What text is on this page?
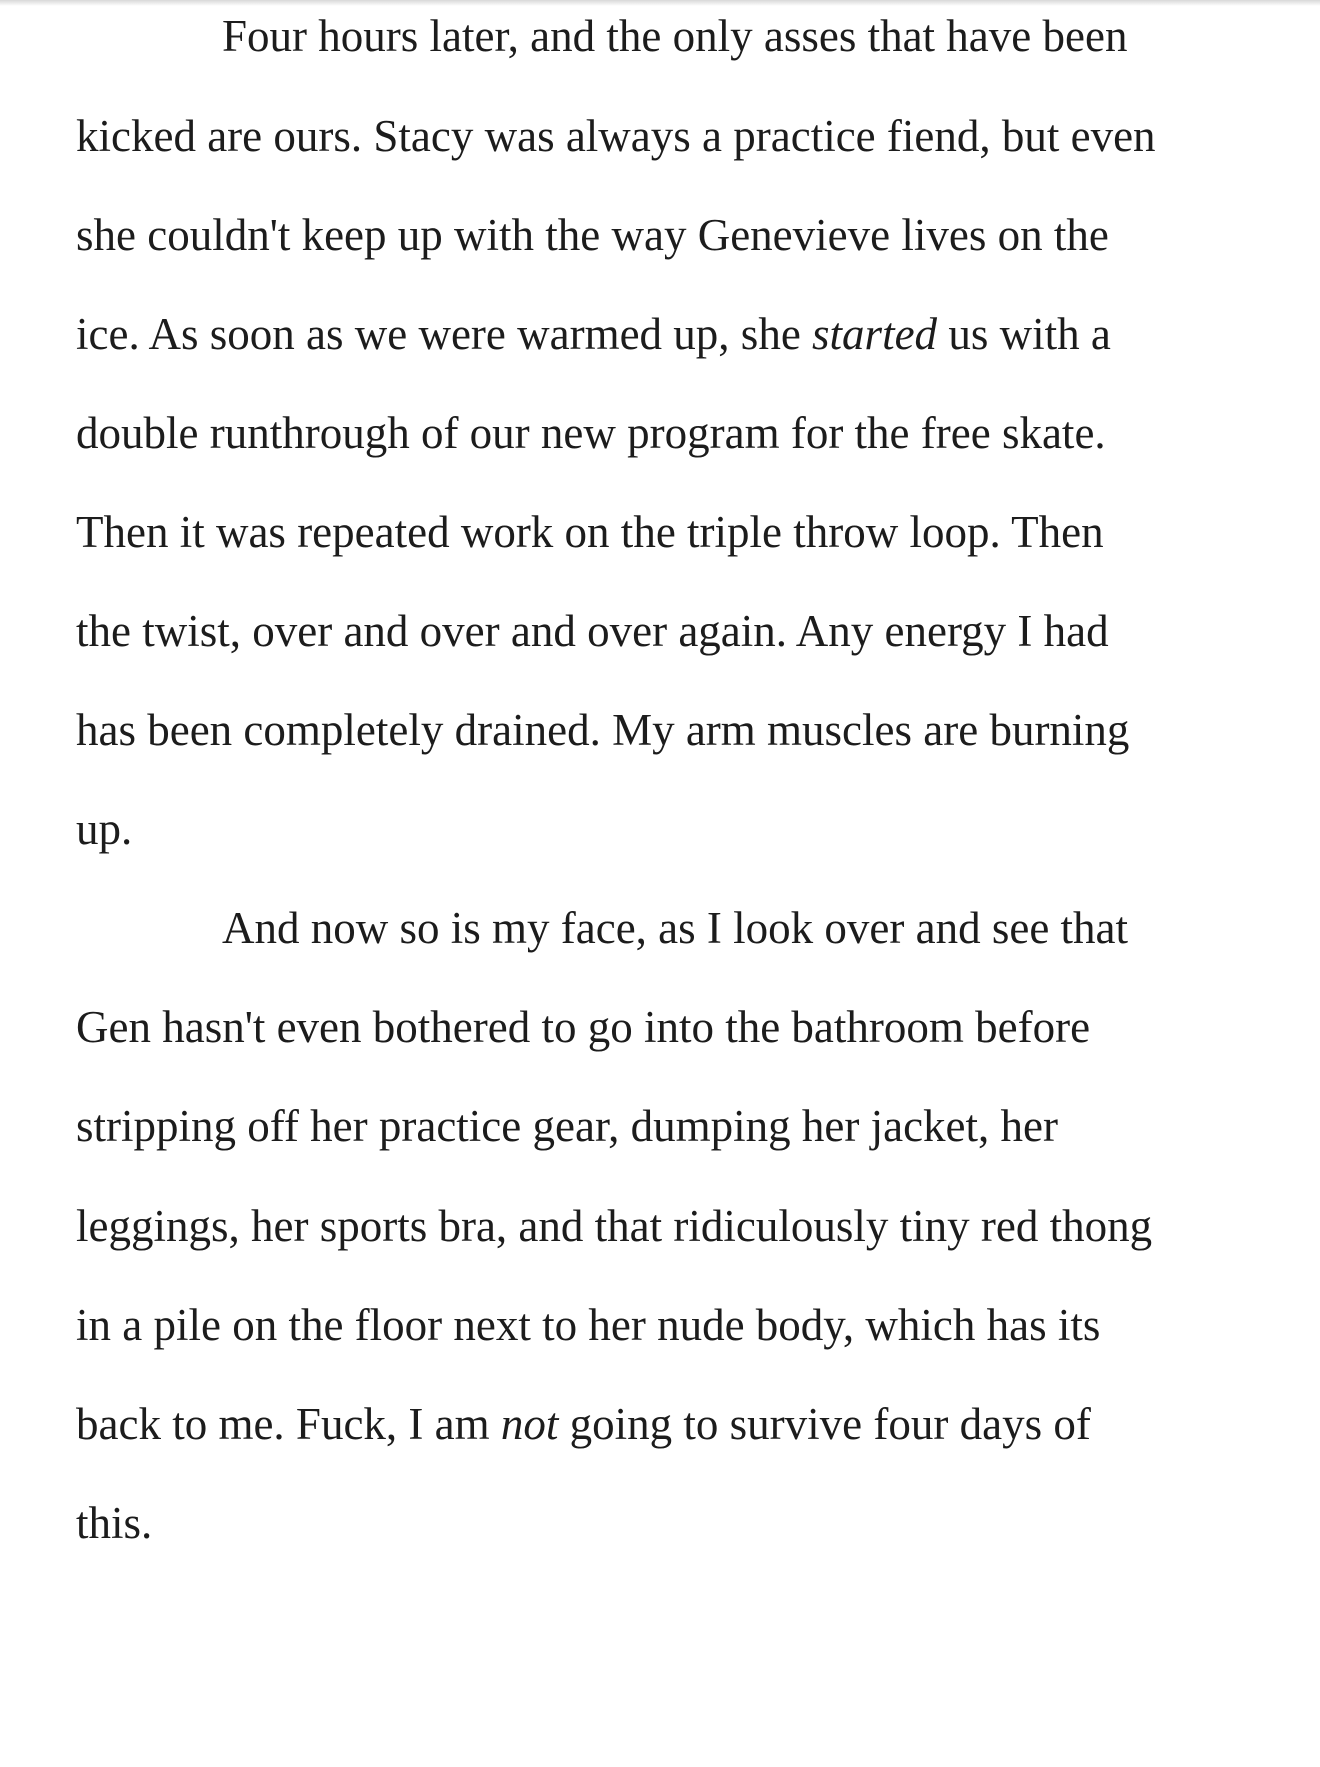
Four hours later, and the only asses that have been

kicked are ours. Stacy was always a practice fiend, but even

she couldn't keep up with the way Genevieve lives on the

ice. As soon as we were warmed up, she started us with a

double runthrough of our new program for the free skate.

Then it was repeated work on the triple throw loop. Then

the twist, over and over and over again. Any energy I had

has been completely drained. My arm muscles are burning

up.

And now so is my face, as I look over and see that

Gen hasn't even bothered to go into the bathroom before

stripping off her practice gear, dumping her jacket, her

leggings, her sports bra, and that ridiculously tiny red thong

in a pile on the floor next to her nude body, which has its

back to me. Fuck, I am not going to survive four days of

this.
